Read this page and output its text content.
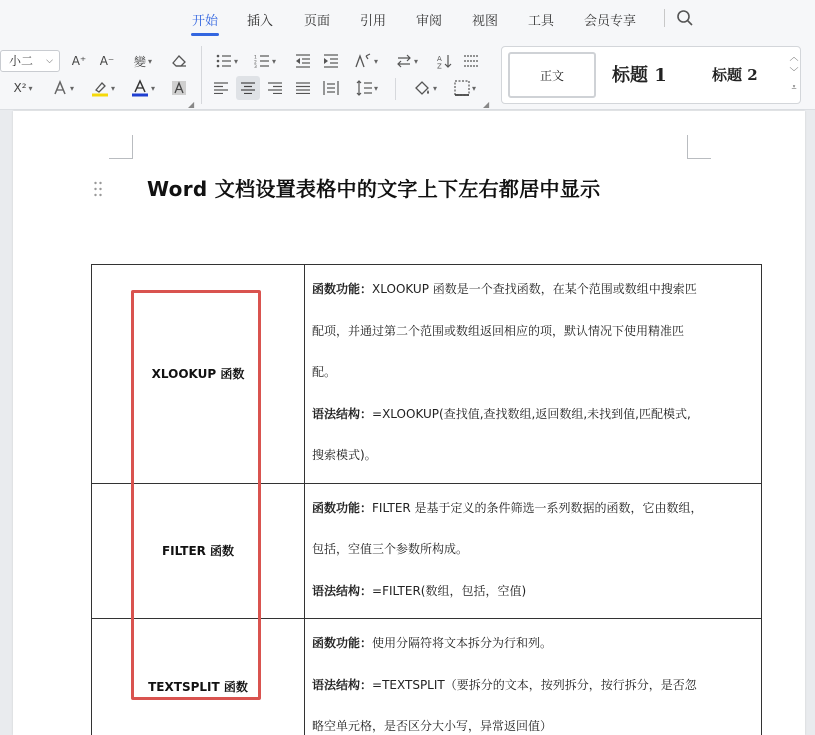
开始 插入 页面 引用 审阅 视图 工具 会员专享
小二 ⌵	A⁺	A⁻	變 ▾
X² ▾	▾	▾	▾
◢
▾	1
2
3
▾	▾	▾	A
Z
▾	▾	▾
◢
正文	标题 1	标题 2
︿
﹀
⩡
Word 文档设置表格中的文字上下左右都居中显示
XLOOKUP 函数	函数功能：XLOOKUP 函数是一个查找函数，在某个范围或数组中搜索匹
配项，并通过第二个范围或数组返回相应的项，默认情况下使用精准匹
配。
语法结构：=XLOOKUP(查找值,查找数组,返回数组,未找到值,匹配模式,
搜索模式)。

FILTER 函数	函数功能：FILTER 是基于定义的条件筛选一系列数据的函数，它由数组，
包括，空值三个参数所构成。
语法结构：=FILTER(数组，包括，空值)

TEXTSPLIT 函数	函数功能：使用分隔符将文本拆分为行和列。
语法结构：=TEXTSPLIT（要拆分的文本，按列拆分，按行拆分，是否忽
略空单元格，是否区分大小写，异常返回值）
